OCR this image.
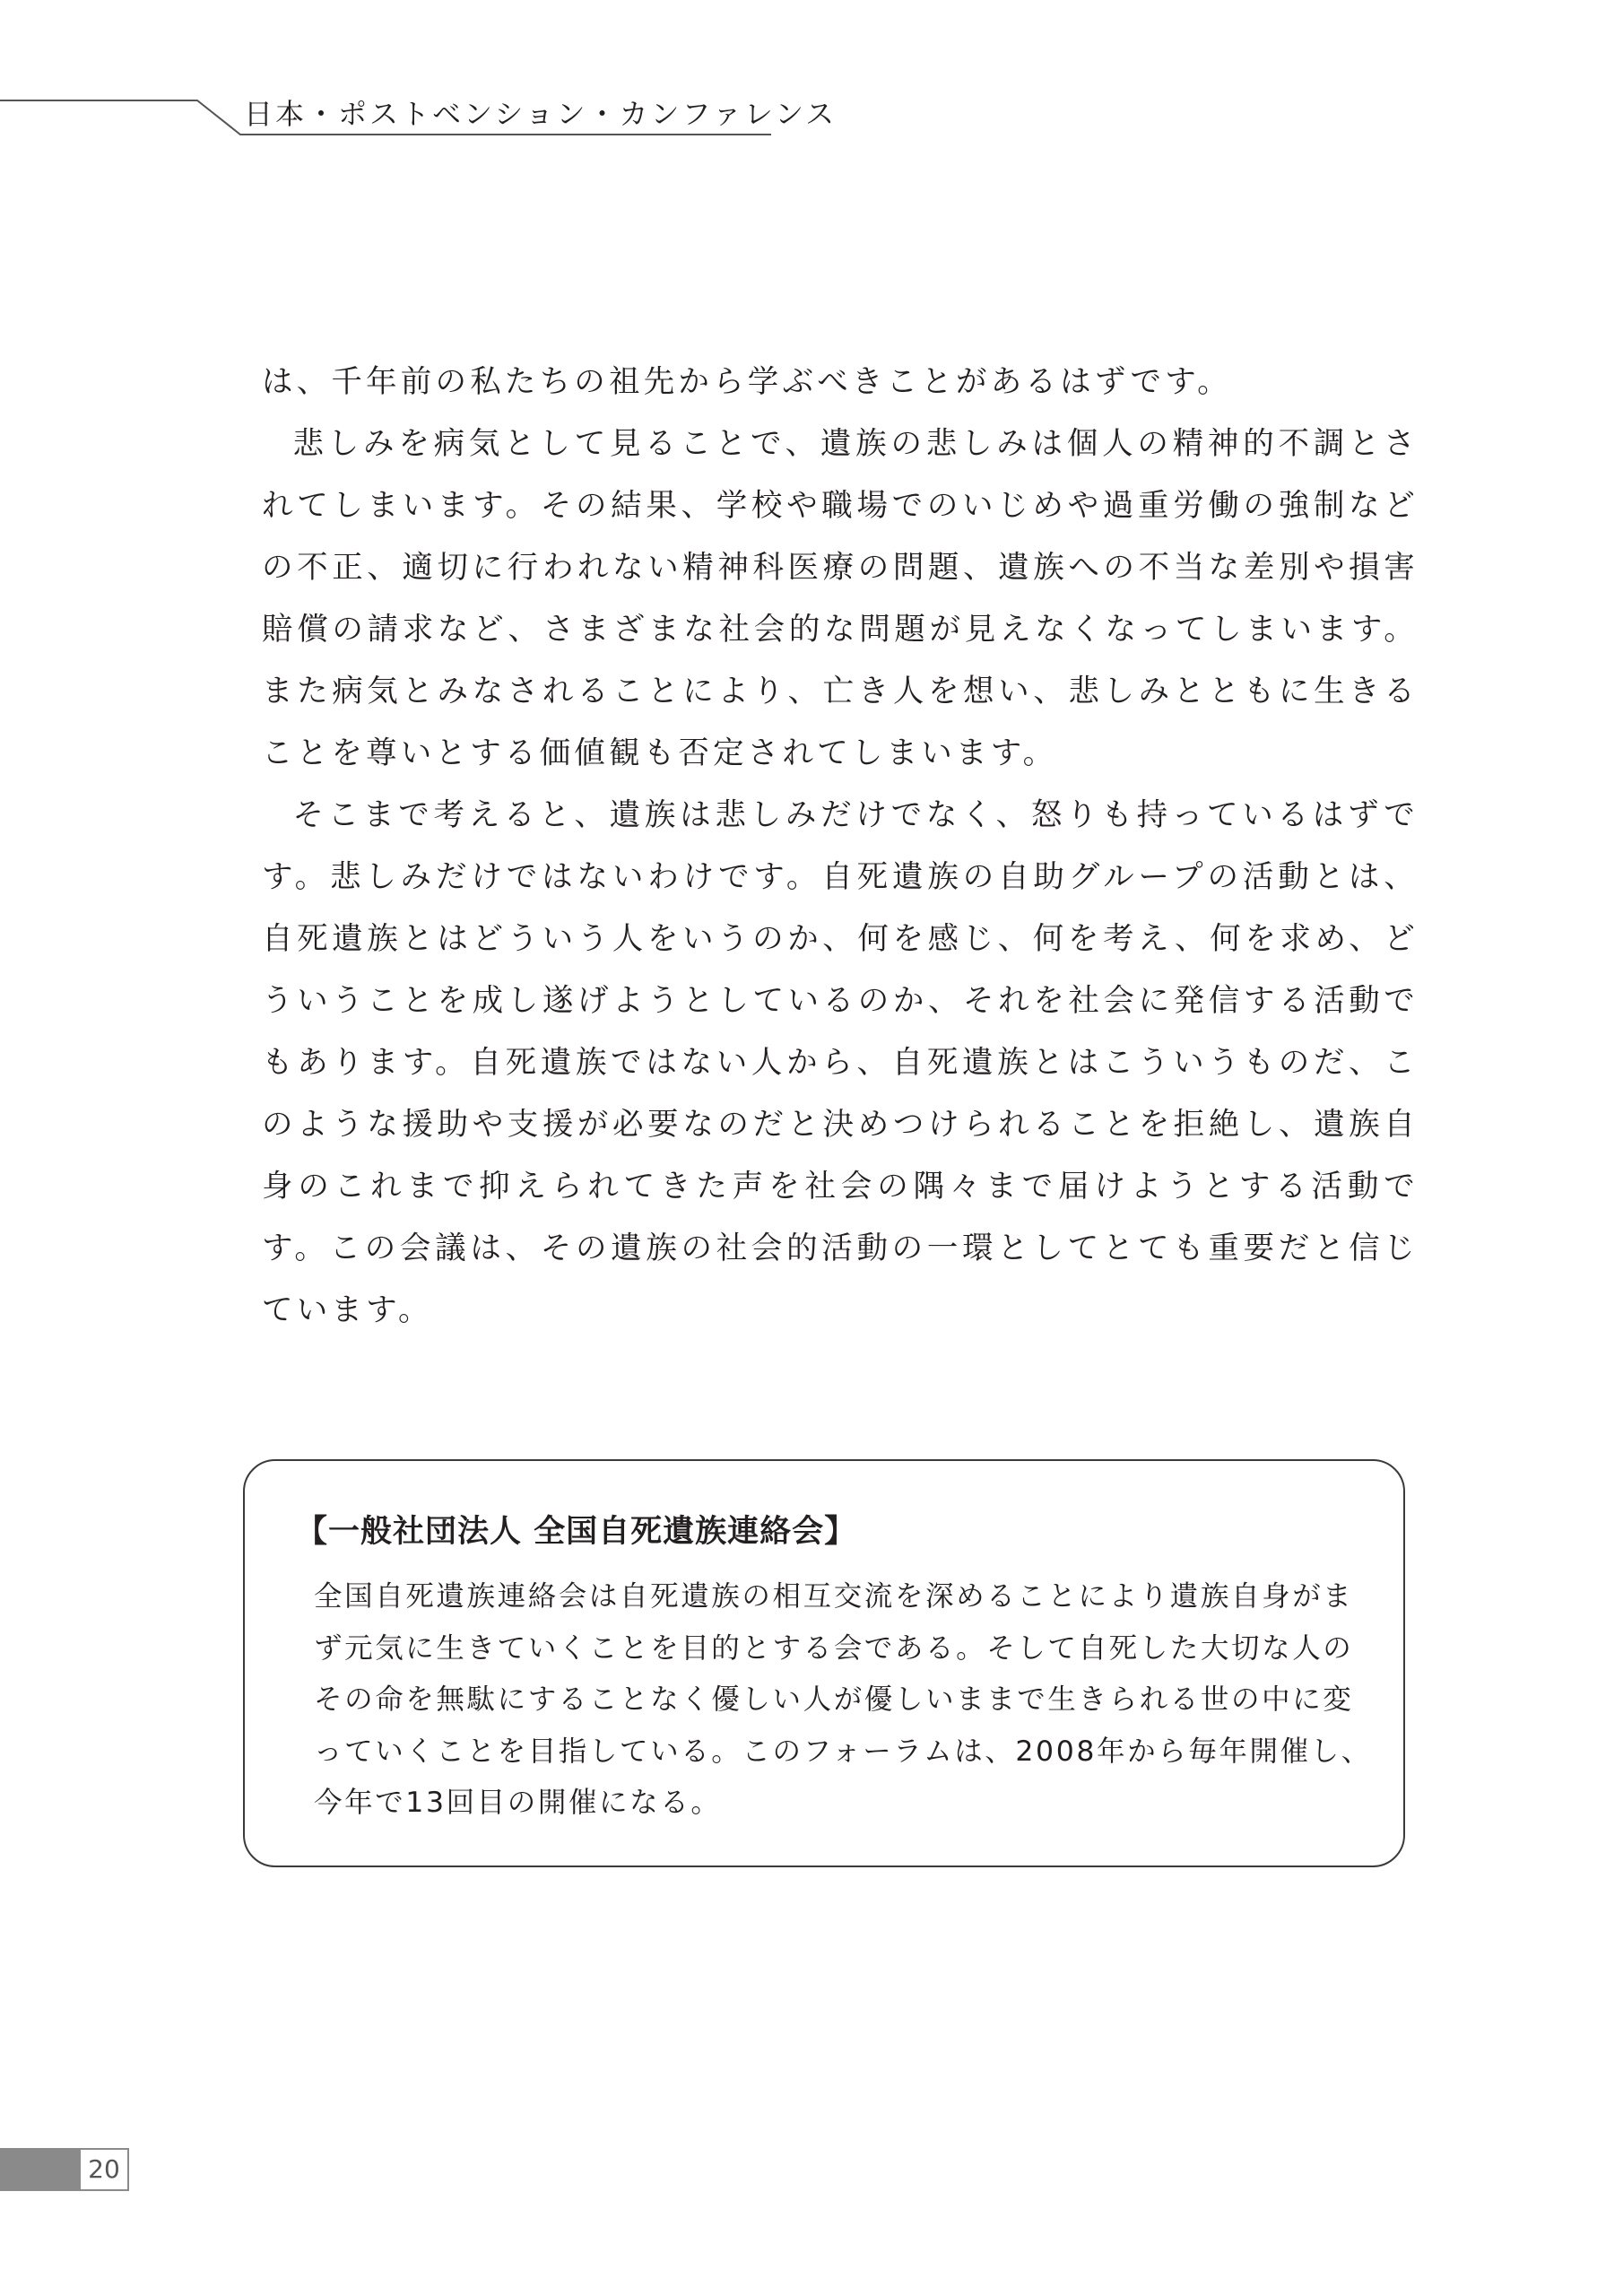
日本・ポストベンション・カンファレンス

は、千年前の私たちの祖先から学ぶべきことがあるはずです。

悲しみを病気として見ることで、遺族の悲しみは個人の精神的不調とされてしまいます。その結果、学校や職場でのいじめや過重労働の強制などの不正、適切に行われない精神科医療の問題、遺族への不当な差別や損害賠償の請求など、さまざまな社会的な問題が見えなくなってしまいます。また病気とみなされることにより、亡き人を想い、悲しみとともに生きることを尊いとする価値観も否定されてしまいます。

そこまで考えると、遺族は悲しみだけでなく、怒りも持っているはずです。悲しみだけではないわけです。自死遺族の自助グループの活動とは、自死遺族とはどういう人をいうのか、何を感じ、何を考え、何を求め、どういうことを成し遂げようとしているのか、それを社会に発信する活動でもあります。自死遺族ではない人から、自死遺族とはこういうものだ、このような援助や支援が必要なのだと決めつけられることを拒絶し、遺族自身のこれまで抑えられてきた声を社会の隅々まで届けようとする活動です。この会議は、その遺族の社会的活動の一環としてとても重要だと信じています。

【一般社団法人 全国自死遺族連絡会】

全国自死遺族連絡会は自死遺族の相互交流を深めることにより遺族自身がまず元気に生きていくことを目的とする会である。そして自死した大切な人のその命を無駄にすることなく優しい人が優しいままで生きられる世の中に変っていくことを目指している。このフォーラムは、2008年から毎年開催し、今年で13回目の開催になる。

20
